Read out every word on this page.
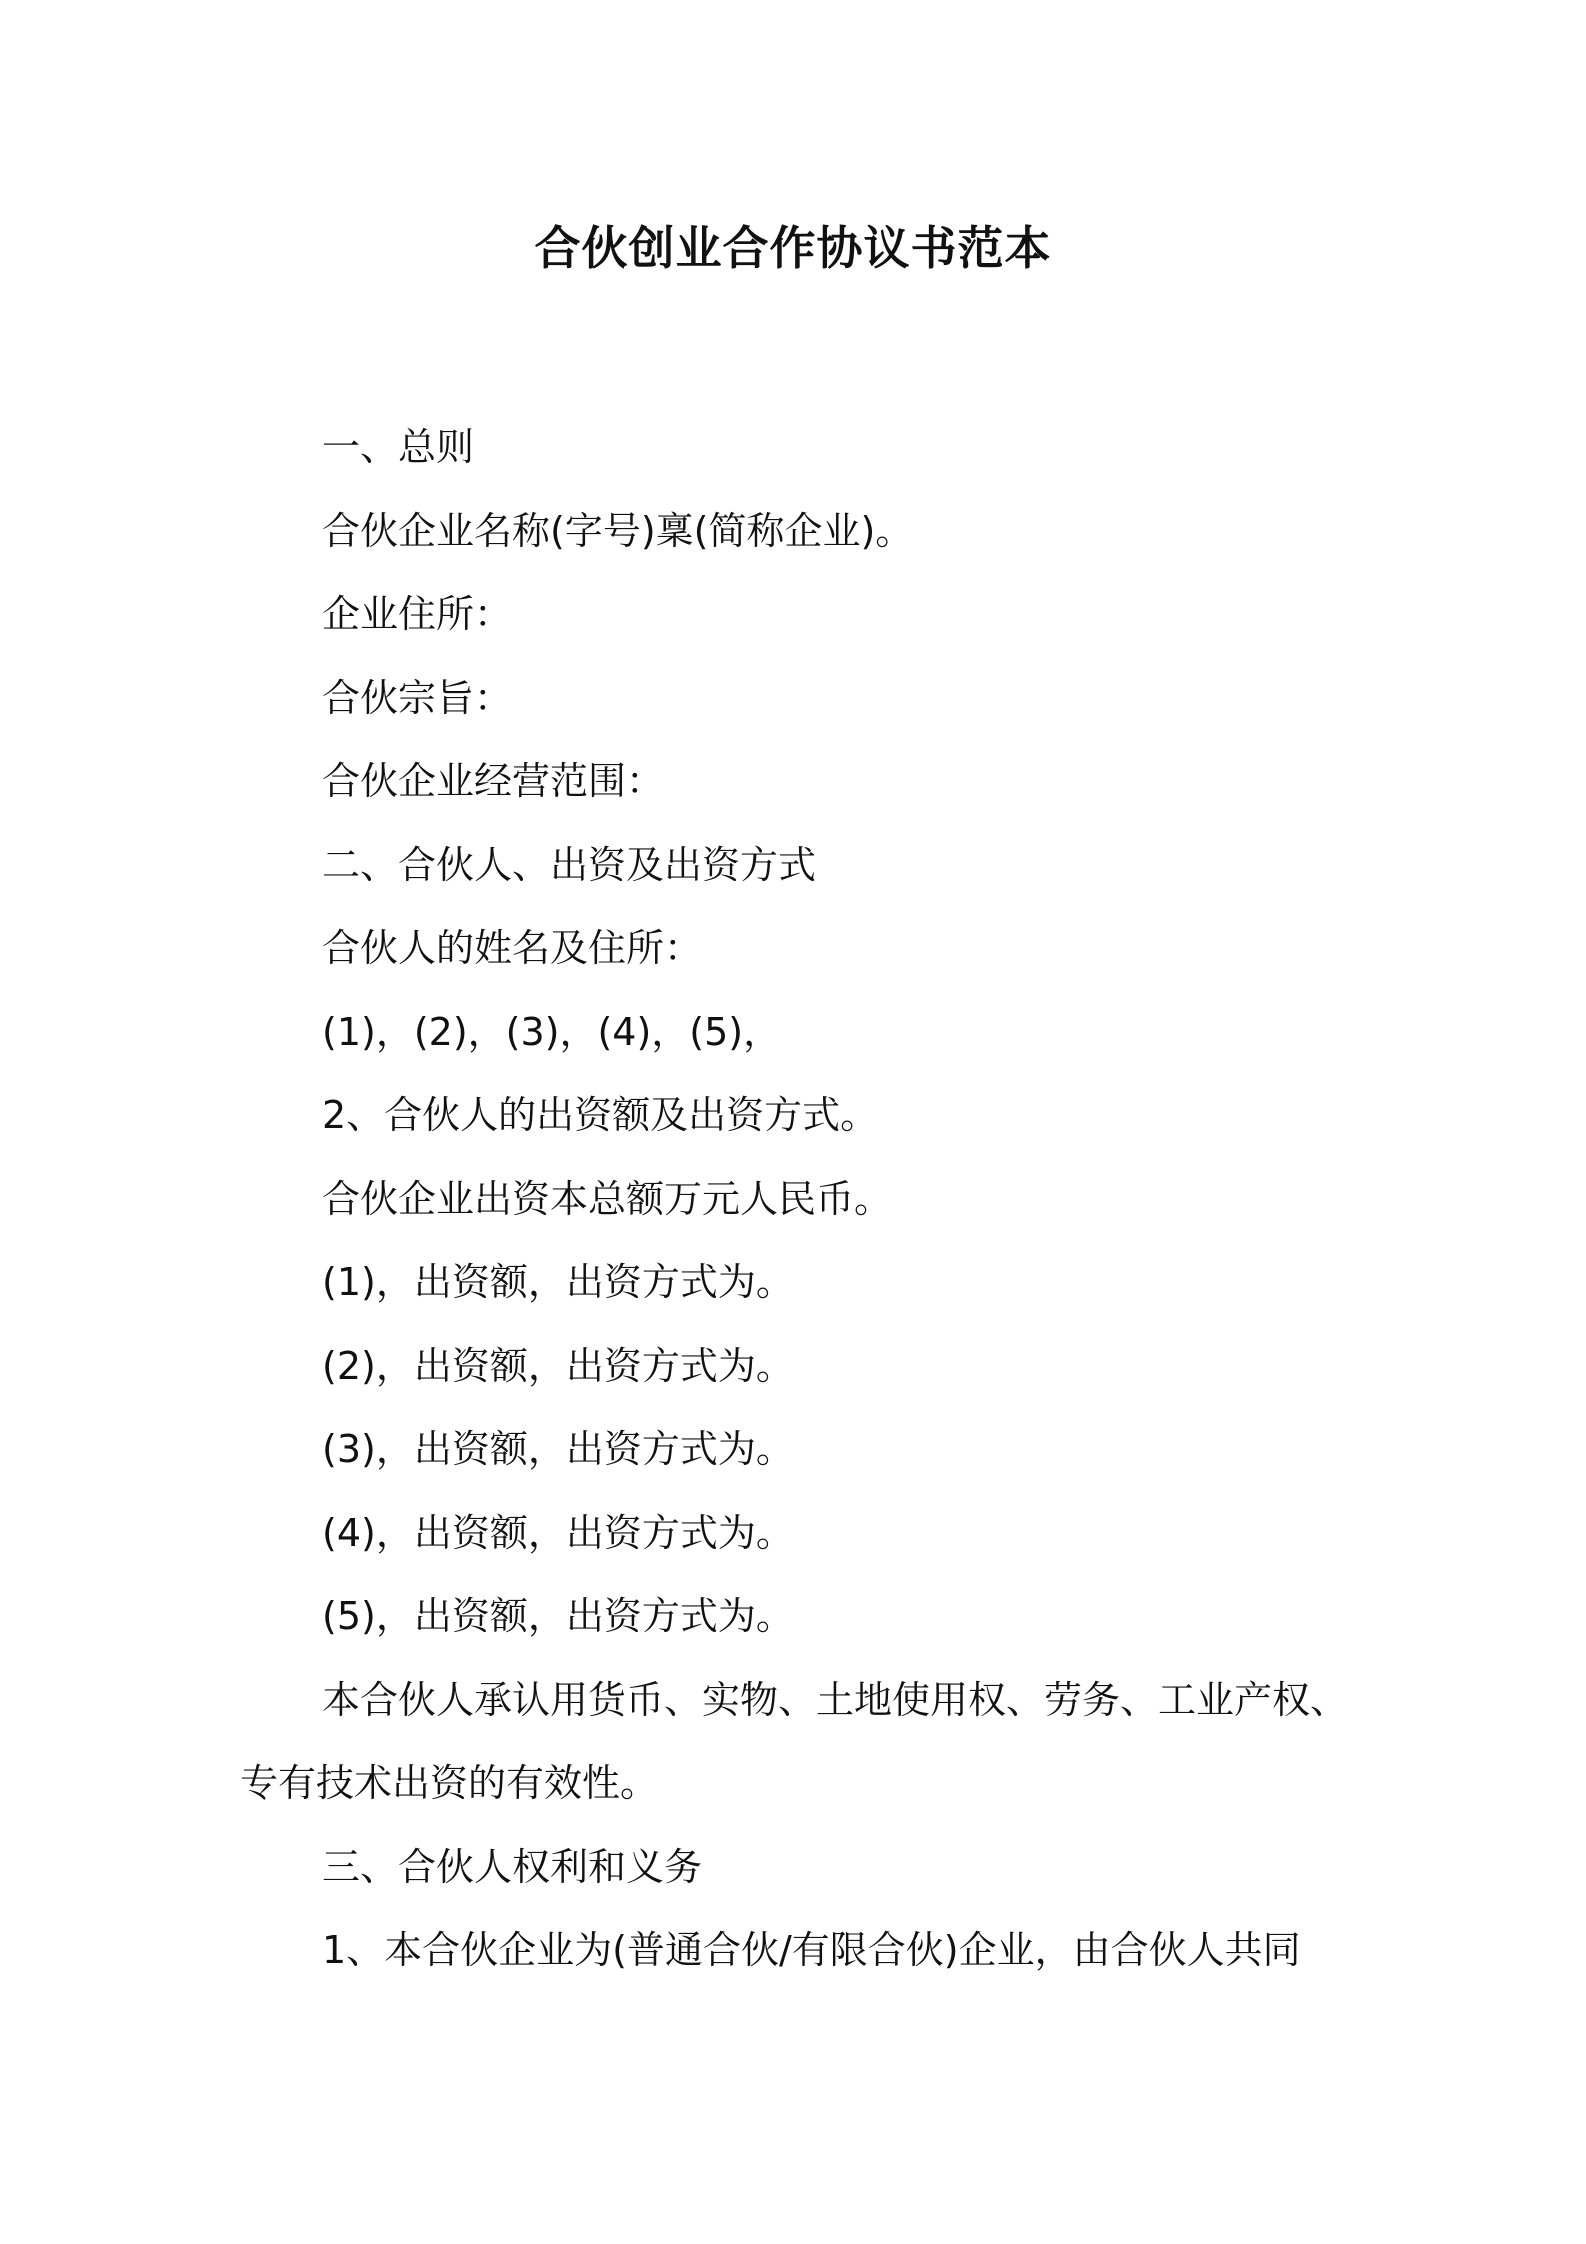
合伙创业合作协议书范本
一、总则
合伙企业名称(字号)稟(简称企业)。
企业住所：
合伙宗旨：
合伙企业经营范围：
二、合伙人、出资及出资方式
合伙人的姓名及住所：
(1)，(2)，(3)，(4)，(5)，
2、合伙人的出资额及出资方式。
合伙企业出资本总额万元人民币。
(1)，出资额，出资方式为。
(2)，出资额，出资方式为。
(3)，出资额，出资方式为。
(4)，出资额，出资方式为。
(5)，出资额，出资方式为。
本合伙人承认用货币、实物、土地使用权、劳务、工业产权、
专有技术出资的有效性。
三、合伙人权利和义务
1、本合伙企业为(普通合伙/有限合伙)企业，由合伙人共同
